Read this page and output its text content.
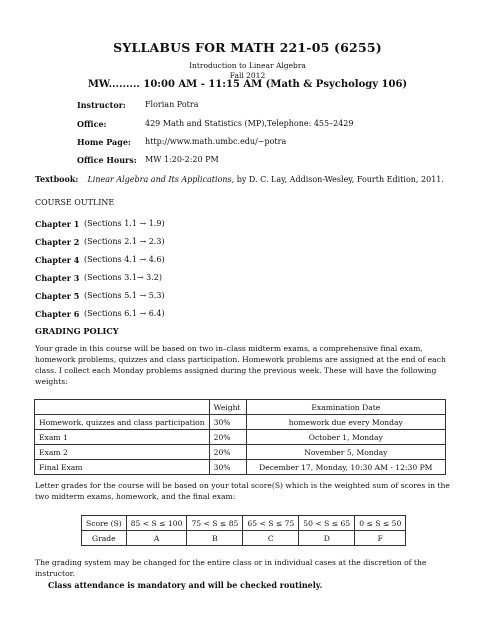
SYLLABUS FOR MATH 221-05 (6255)
Introduction to Linear Algebra
Fall 2012
MW......... 10:00 AM - 11:15 AM (Math & Psychology 106)
Instructor: Florian Potra
Office:	429 Math and Statistics (MP),Telephone: 455–2429
Home Page: http://www.math.umbc.edu/∼potra
Office Hours: MW 1:20-2:20 PM
Textbook: Linear Algebra and Its Applications, by D. C. Lay, Addison-Wesley, Fourth Edition, 2011.
COURSE OUTLINE
Chapter 1 (Sections 1.1 → 1.9)
Chapter 2 (Sections 2.1 → 2.3)
Chapter 4 (Sections 4.1 → 4.6)
Chapter 3 (Sections 3.1→ 3.2)
Chapter 5 (Sections 5.1 → 5.3)
Chapter 6 (Sections 6.1 → 6.4)
GRADING POLICY
Your grade in this course will be based on two in–class midterm exams, a comprehensive final exam, homework problems, quizzes and class participation. Homework problems are assigned at the end of each class. I collect each Monday problems assigned during the previous week. These will have the following weights:
	Weight	Examination Date
Homework, quizzes and class participation	30%	homework due every Monday
Exam 1	20%	October 1, Monday
Exam 2	20%	November 5, Monday
Final Exam	30%	December 17, Monday, 10:30 AM - 12:30 PM
Letter grades for the course will be based on your total score(S) which is the weighted sum of scores in the two midterm exams, homework, and the final exam:
Score (S)	85 < S ≤ 100	75 < S ≤ 85	65 < S ≤ 75	50 < S ≤ 65	0 ≤ S ≤ 50
Grade	A	B	C	D	F
The grading system may be changed for the entire class or in individual cases at the discretion of the instructor.
Class attendance is mandatory and will be checked routinely.
